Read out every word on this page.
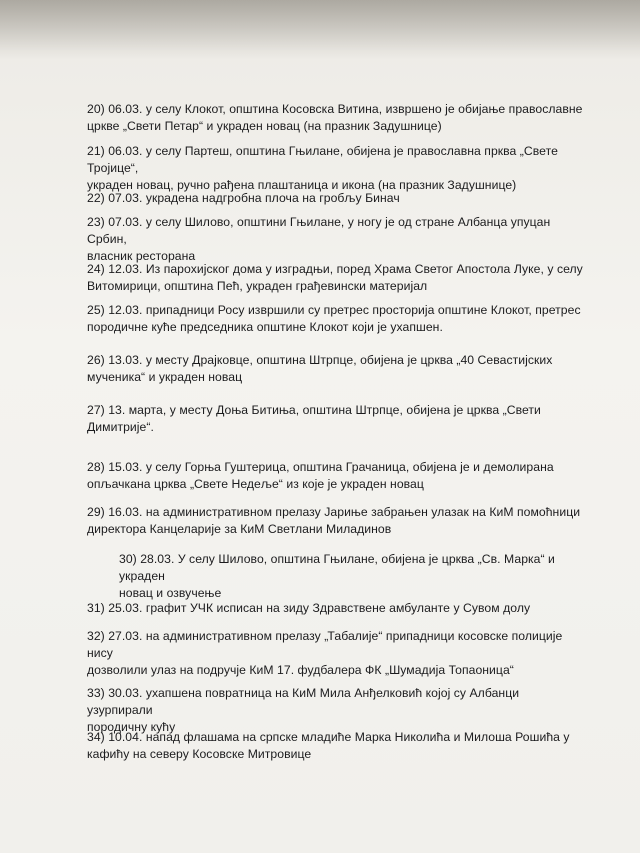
20) 06.03. у селу Клокот, општина Косовска Витина, извршено је обијање православне
цркве „Свети Петар“ и украден новац (на празник Задушнице)
21) 06.03. у селу Партеш, општина Гњилане, обијена је православна прква „Свете Тројице“,
украден новац, ручно рађена плаштаница и икона (на празник Задушнице)
22) 07.03. украдена надгробна плоча на гробљу Бинач
23) 07.03. у селу Шилово, општини Гњилане, у ногу је од стране Албанца упуцан Србин,
власник ресторана
24) 12.03. Из парохијског дома у изградњи, поред Храма Светог Апостола Луке, у селу
Витомирици, општина Пећ, украден грађевински материјал
25) 12.03. припадници Росу извршили су претрес просторија општине Клокот, претрес
породичне куће председника општине Клокот који је ухапшен.
26) 13.03. у месту Драјковце, општина Штрпце, обијена је црква „40 Севастијских
мученика“ и украден новац
27) 13. марта, у месту Доња Битиња, општина Штрпце, обијена је црква „Свети
Димитрије“.
28) 15.03. у селу Горња Гуштерица, општина Грачаница, обијена је и демолирана
опљачкана црква „Свете Недеље“ из које је украден новац
29) 16.03. на административном прелазу Јариње забрањен улазак на КиМ помоћници
директора Канцеларије за КиМ Светлани Миладинов
30) 28.03. У селу Шилово, општина Гњилане, обијена је црква „Св. Марка“ и украден
новац и озвучење
31) 25.03. графит УЧК исписан на зиду Здравствене амбуланте у Сувом долу
32) 27.03. на административном прелазу „Табалије“ припадници косовске полиције нису
дозволили улаз на подручје КиМ 17. фудбалера ФК „Шумадија Топаоница“
33) 30.03. ухапшена повратница на КиМ Мила Анђелковић којој су Албанци узурпирали
породичну кућу
34) 10.04. напад флашама на српске младиће Марка Николића и Милоша Рошића у
кафићу на северу Косовске Митровице
